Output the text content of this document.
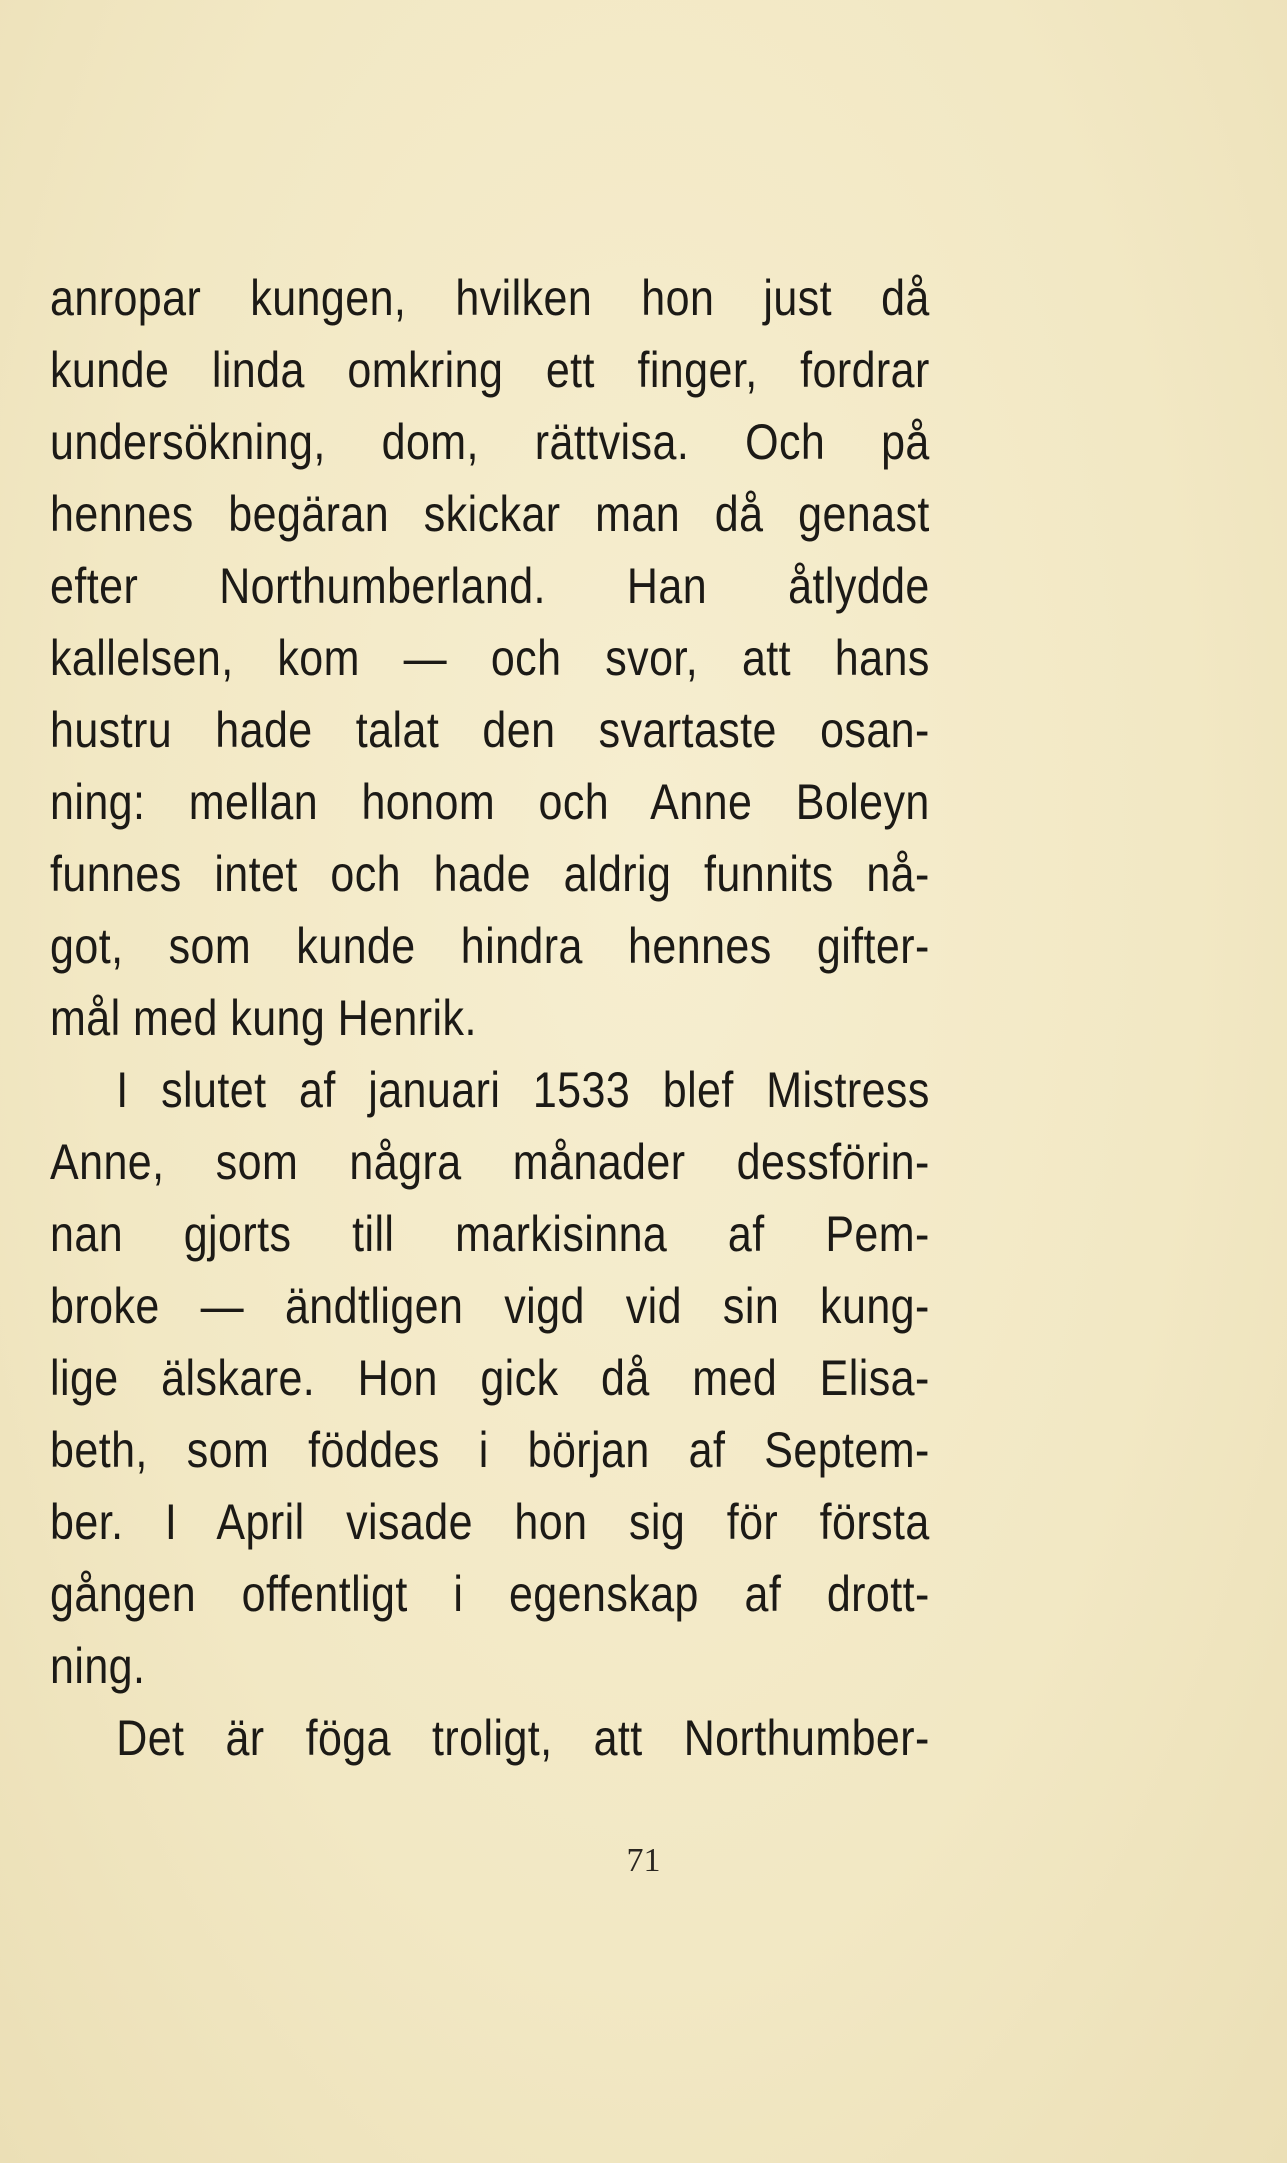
anropar kungen, hvilken hon just då
kunde linda omkring ett finger, fordrar
undersökning, dom, rättvisa. Och på
hennes begäran skickar man då genast
efter Northumberland. Han åtlydde
kallelsen, kom — och svor, att hans
hustru hade talat den svartaste osan-
ning: mellan honom och Anne Boleyn
funnes intet och hade aldrig funnits nå-
got, som kunde hindra hennes gifter-
mål med kung Henrik.
I slutet af januari 1533 blef Mistress
Anne, som några månader dessförin-
nan gjorts till markisinna af Pem-
broke — ändtligen vigd vid sin kung-
lige älskare. Hon gick då med Elisa-
beth, som föddes i början af Septem-
ber. I April visade hon sig för första
gången offentligt i egenskap af drott-
ning.
Det är föga troligt, att Northumber-
71
